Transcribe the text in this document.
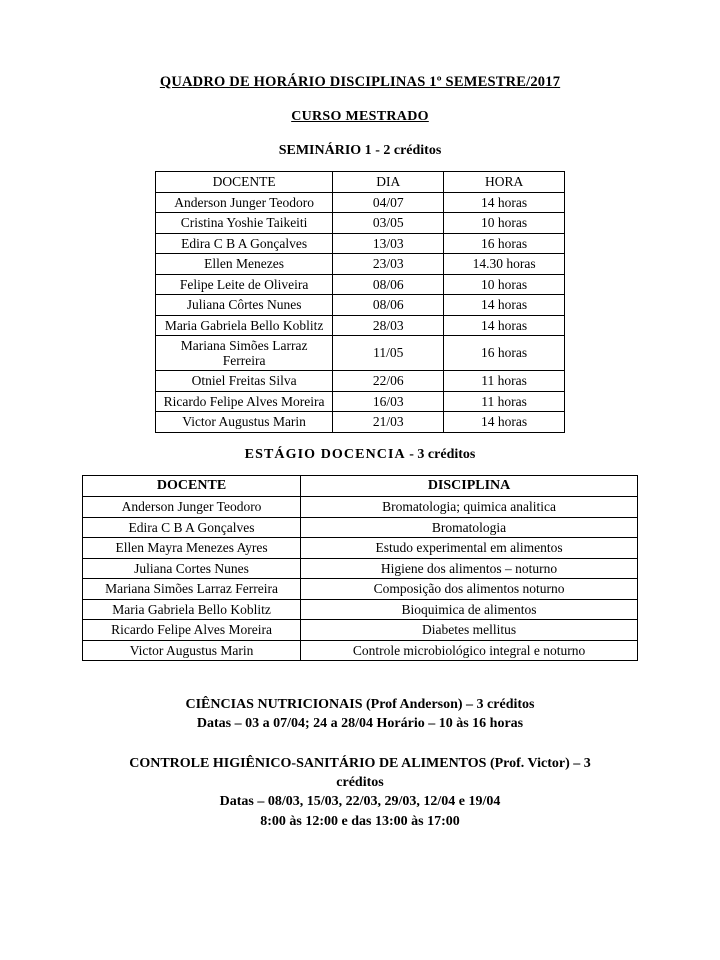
QUADRO DE HORÁRIO DISCIPLINAS 1º SEMESTRE/2017
CURSO MESTRADO
SEMINÁRIO 1 - 2 créditos
DOCENTE	DIA	HORA
Anderson Junger Teodoro	04/07	14 horas
Cristina Yoshie Taikeiti	03/05	10 horas
Edira C B A Gonçalves	13/03	16 horas
Ellen Menezes	23/03	14.30 horas
Felipe Leite de Oliveira	08/06	10 horas
Juliana Côrtes Nunes	08/06	14 horas
Maria Gabriela Bello Koblitz	28/03	14 horas
Mariana Simões Larraz Ferreira	11/05	16 horas
Otniel Freitas Silva	22/06	11 horas
Ricardo Felipe Alves Moreira	16/03	11 horas
Victor Augustus Marin	21/03	14 horas
ESTÁGIO DOCENCIA - 3 créditos
DOCENTE	DISCIPLINA
Anderson Junger Teodoro	Bromatologia; quimica analitica
Edira C B A Gonçalves	Bromatologia
Ellen Mayra Menezes Ayres	Estudo experimental em alimentos
Juliana Cortes Nunes	Higiene dos alimentos – noturno
Mariana Simões Larraz Ferreira	Composição dos alimentos noturno
Maria Gabriela Bello Koblitz	Bioquimica de alimentos
Ricardo Felipe Alves Moreira	Diabetes mellitus
Victor Augustus Marin	Controle microbiológico integral e noturno
CIÊNCIAS NUTRICIONAIS (Prof Anderson) – 3 créditos
Datas – 03 a 07/04; 24 a 28/04 Horário – 10 às 16 horas
CONTROLE HIGIÊNICO-SANITÁRIO DE ALIMENTOS (Prof. Victor) – 3
créditos
Datas – 08/03, 15/03, 22/03, 29/03, 12/04 e 19/04
8:00 às 12:00 e das 13:00 às 17:00
